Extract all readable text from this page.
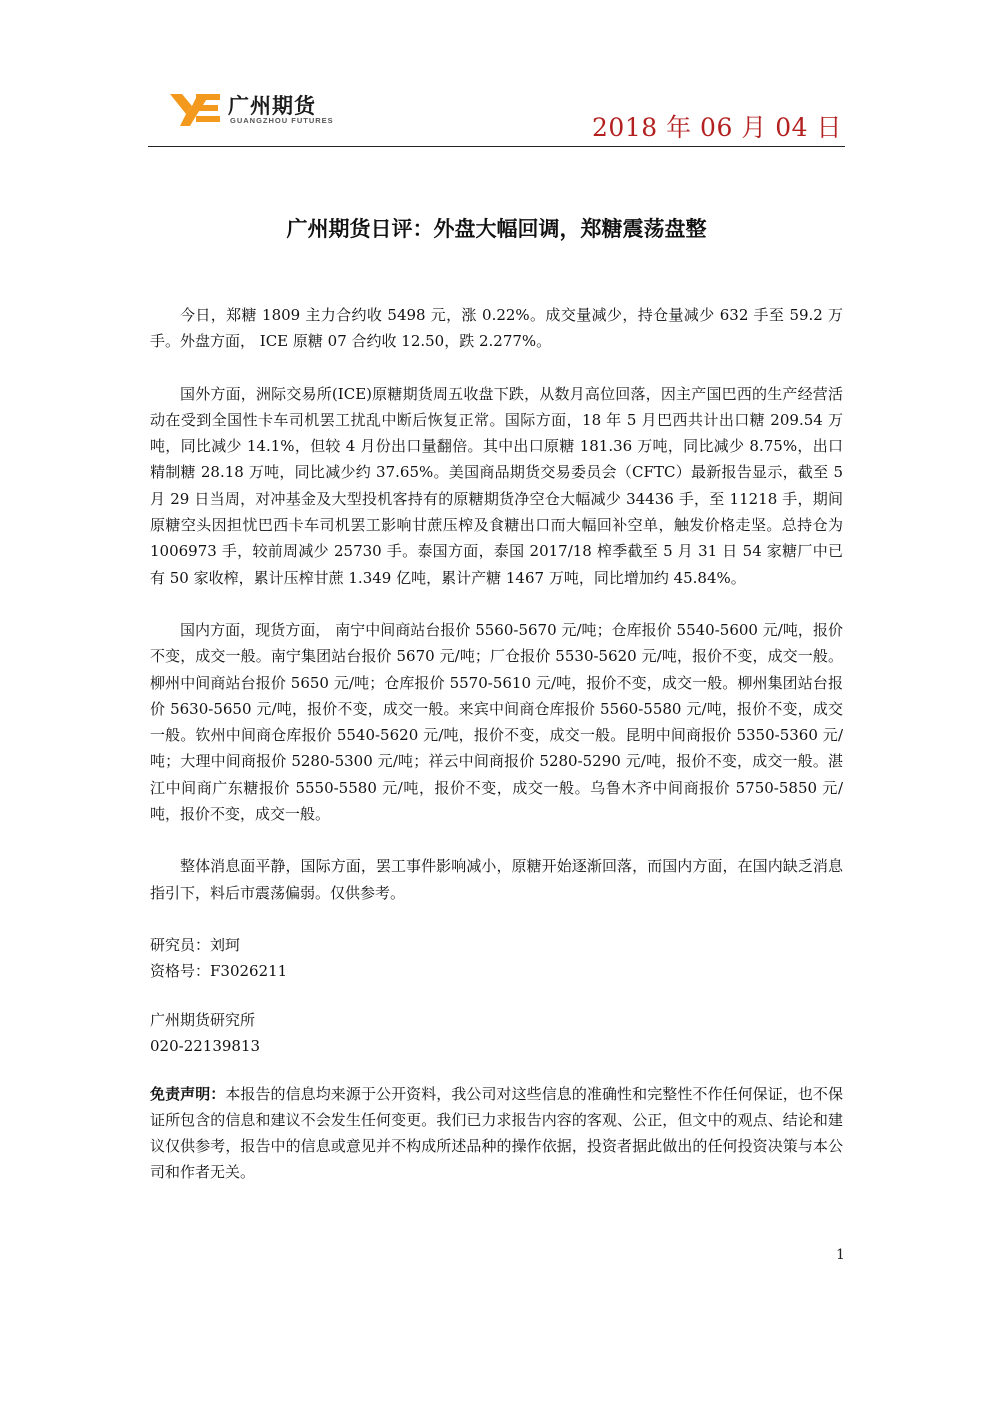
广州期货
GUANGZHOU FUTURES	2018 年 06 月 04 日
广州期货日评：外盘大幅回调，郑糖震荡盘整

今日，郑糖 1809 主力合约收 5498 元，涨 0.22%。成交量减少，持仓量减少 632 手至 59.2 万手。外盘方面， ICE 原糖 07 合约收 12.50，跌 2.277%。

国外方面，洲际交易所(ICE)原糖期货周五收盘下跌，从数月高位回落，因主产国巴西的生产经营活动在受到全国性卡车司机罢工扰乱中断后恢复正常。国际方面，18 年 5 月巴西共计出口糖 209.54 万吨，同比减少 14.1%，但较 4 月份出口量翻倍。其中出口原糖 181.36 万吨，同比减少 8.75%，出口精制糖 28.18 万吨，同比减少约 37.65%。美国商品期货交易委员会（CFTC）最新报告显示，截至 5 月 29 日当周，对冲基金及大型投机客持有的原糖期货净空仓大幅减少 34436 手，至 11218 手，期间原糖空头因担忧巴西卡车司机罢工影响甘蔗压榨及食糖出口而大幅回补空单，触发价格走坚。总持仓为 1006973 手，较前周减少 25730 手。泰国方面，泰国 2017/18 榨季截至 5 月 31 日 54 家糖厂中已有 50 家收榨，累计压榨甘蔗 1.349 亿吨，累计产糖 1467 万吨，同比增加约 45.84%。

国内方面，现货方面， 南宁中间商站台报价 5560-5670 元/吨；仓库报价 5540-5600 元/吨，报价不变，成交一般。南宁集团站台报价 5670 元/吨；厂仓报价 5530-5620 元/吨，报价不变，成交一般。柳州中间商站台报价 5650 元/吨；仓库报价 5570-5610 元/吨，报价不变，成交一般。柳州集团站台报价 5630-5650 元/吨，报价不变，成交一般。来宾中间商仓库报价 5560-5580 元/吨，报价不变，成交一般。钦州中间商仓库报价 5540-5620 元/吨，报价不变，成交一般。昆明中间商报价 5350-5360 元/吨；大理中间商报价 5280-5300 元/吨；祥云中间商报价 5280-5290 元/吨，报价不变，成交一般。湛江中间商广东糖报价 5550-5580 元/吨，报价不变，成交一般。乌鲁木齐中间商报价 5750-5850 元/吨，报价不变，成交一般。

整体消息面平静，国际方面，罢工事件影响减小，原糖开始逐渐回落，而国内方面，在国内缺乏消息指引下，料后市震荡偏弱。仅供参考。

研究员：刘珂

资格号：F3026211

广州期货研究所

020-22139813

免责声明：本报告的信息均来源于公开资料，我公司对这些信息的准确性和完整性不作任何保证，也不保证所包含的信息和建议不会发生任何变更。我们已力求报告内容的客观、公正，但文中的观点、结论和建议仅供参考，报告中的信息或意见并不构成所述品种的操作依据，投资者据此做出的任何投资决策与本公司和作者无关。

1
